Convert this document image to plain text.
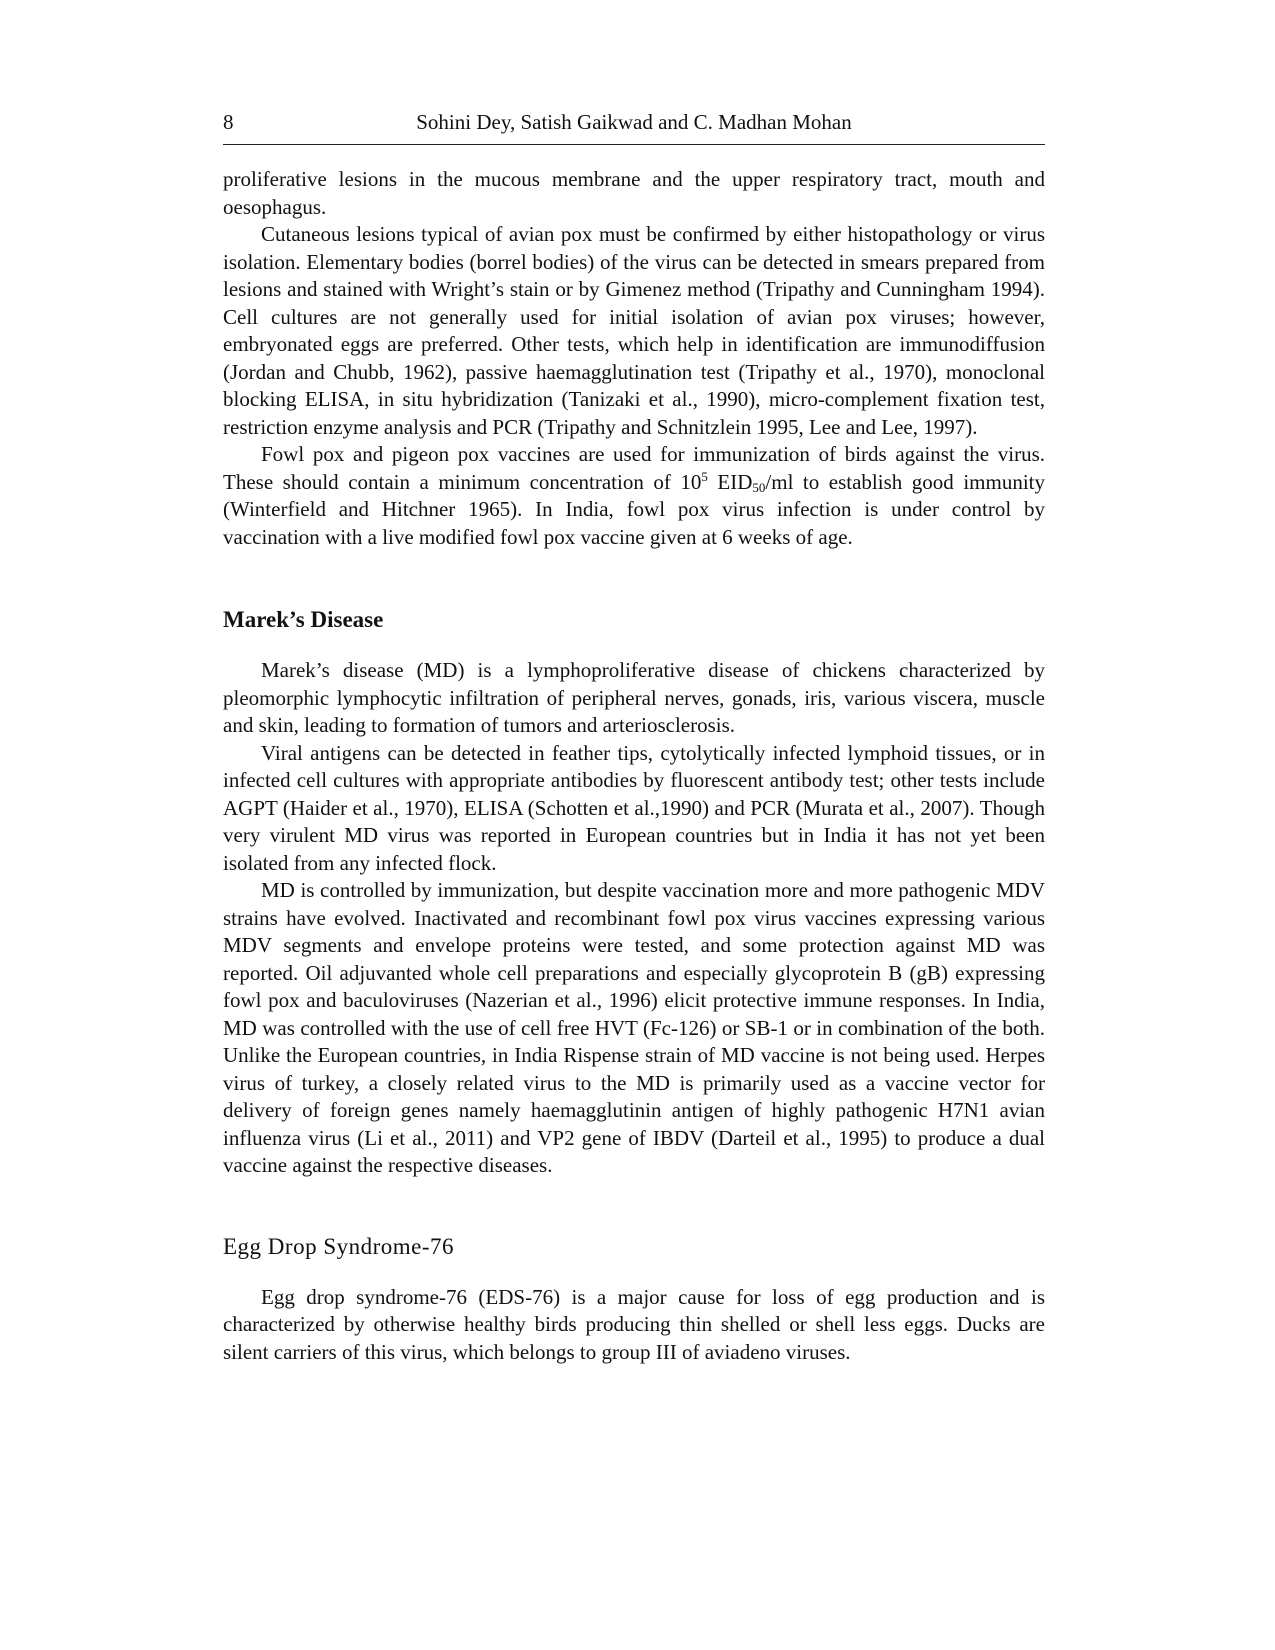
8	Sohini Dey, Satish Gaikwad and C. Madhan Mohan

proliferative lesions in the mucous membrane and the upper respiratory tract, mouth and oesophagus.

Cutaneous lesions typical of avian pox must be confirmed by either histopathology or virus isolation. Elementary bodies (borrel bodies) of the virus can be detected in smears prepared from lesions and stained with Wright’s stain or by Gimenez method (Tripathy and Cunningham 1994). Cell cultures are not generally used for initial isolation of avian pox viruses; however, embryonated eggs are preferred. Other tests, which help in identification are immunodiffusion (Jordan and Chubb, 1962), passive haemagglutination test (Tripathy et al., 1970), monoclonal blocking ELISA, in situ hybridization (Tanizaki et al., 1990), micro-complement fixation test, restriction enzyme analysis and PCR (Tripathy and Schnitzlein 1995, Lee and Lee, 1997).

Fowl pox and pigeon pox vaccines are used for immunization of birds against the virus. These should contain a minimum concentration of $10^5$ $EID_{50}/ml$ to establish good immunity (Winterfield and Hitchner 1965). In India, fowl pox virus infection is under control by vaccination with a live modified fowl pox vaccine given at 6 weeks of age.

Marek’s Disease

Marek’s disease (MD) is a lymphoproliferative disease of chickens characterized by pleomorphic lymphocytic infiltration of peripheral nerves, gonads, iris, various viscera, muscle and skin, leading to formation of tumors and arteriosclerosis.

Viral antigens can be detected in feather tips, cytolytically infected lymphoid tissues, or in infected cell cultures with appropriate antibodies by fluorescent antibody test; other tests include AGPT (Haider et al., 1970), ELISA (Schotten et al.,1990) and PCR (Murata et al., 2007). Though very virulent MD virus was reported in European countries but in India it has not yet been isolated from any infected flock.

MD is controlled by immunization, but despite vaccination more and more pathogenic MDV strains have evolved. Inactivated and recombinant fowl pox virus vaccines expressing various MDV segments and envelope proteins were tested, and some protection against MD was reported. Oil adjuvanted whole cell preparations and especially glycoprotein B (gB) expressing fowl pox and baculoviruses (Nazerian et al., 1996) elicit protective immune responses. In India, MD was controlled with the use of cell free HVT (Fc-126) or SB-1 or in combination of the both. Unlike the European countries, in India Rispense strain of MD vaccine is not being used. Herpes virus of turkey, a closely related virus to the MD is primarily used as a vaccine vector for delivery of foreign genes namely haemagglutinin antigen of highly pathogenic H7N1 avian influenza virus (Li et al., 2011) and VP2 gene of IBDV (Darteil et al., 1995) to produce a dual vaccine against the respective diseases.

Egg Drop Syndrome-76

Egg drop syndrome-76 (EDS-76) is a major cause for loss of egg production and is characterized by otherwise healthy birds producing thin shelled or shell less eggs. Ducks are silent carriers of this virus, which belongs to group III of aviadeno viruses.
